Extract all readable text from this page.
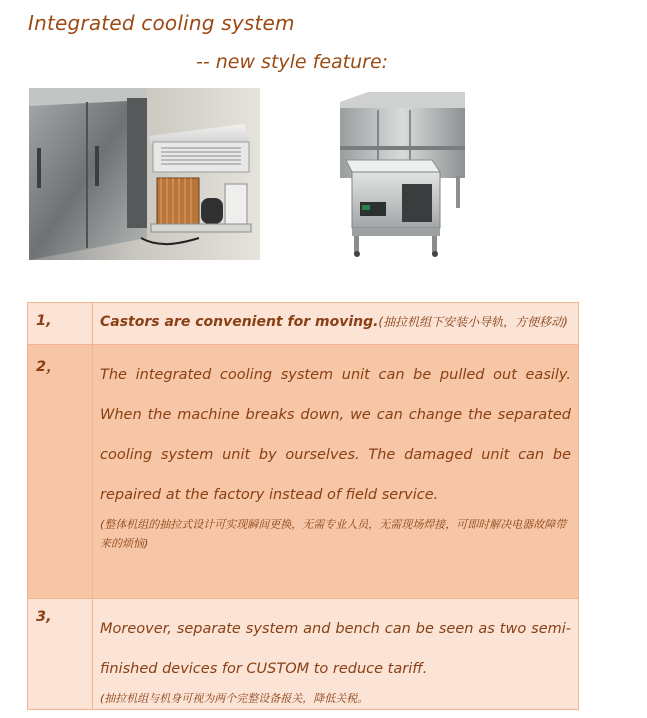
Integrated cooling system
-- new style feature:
1,	Castors are convenient for moving.(抽拉机组下安装小导轨，方便移动)
2，	The integrated cooling system unit can be pulled out easily. When the machine breaks down, we can change the separated cooling system unit by ourselves. The damaged unit can be repaired at the factory instead of field service.

(整体机组的抽拉式设计可实现瞬间更换，无需专业人员，无需现场焊接，可即时解决电器故障带来的烦恼)

3,	Moreover, separate system and bench can be seen as two semi-finished devices for CUSTOM to reduce tariff.

(抽拉机组与机身可视为两个完整设备报关，降低关税。
